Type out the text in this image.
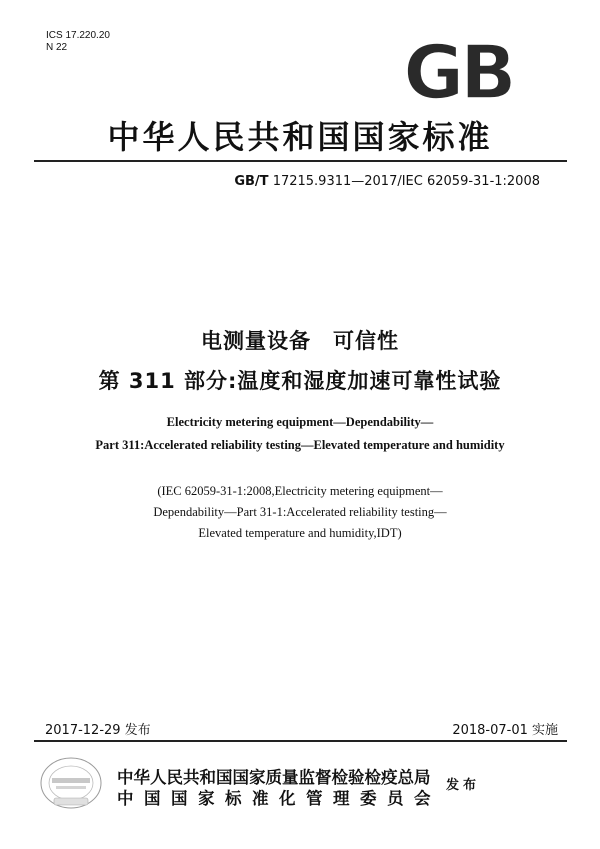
ICS 17.220.20
N 22	GB
中华人民共和国国家标准
GB/T 17215.9311—2017/IEC 62059-31-1:2008
电测量设备　可信性
第 311 部分:温度和湿度加速可靠性试验
Electricity metering equipment—Dependability—
Part 311:Accelerated reliability testing—Elevated temperature and humidity
(IEC 62059-31-1:2008,Electricity metering equipment—
Dependability—Part 31-1:Accelerated reliability testing—
Elevated temperature and humidity,IDT)
2017-12-29 发布	2018-07-01 实施
中华人民共和国国家质量监督检验检疫总局
中国国家标准化管理委员会
发布
